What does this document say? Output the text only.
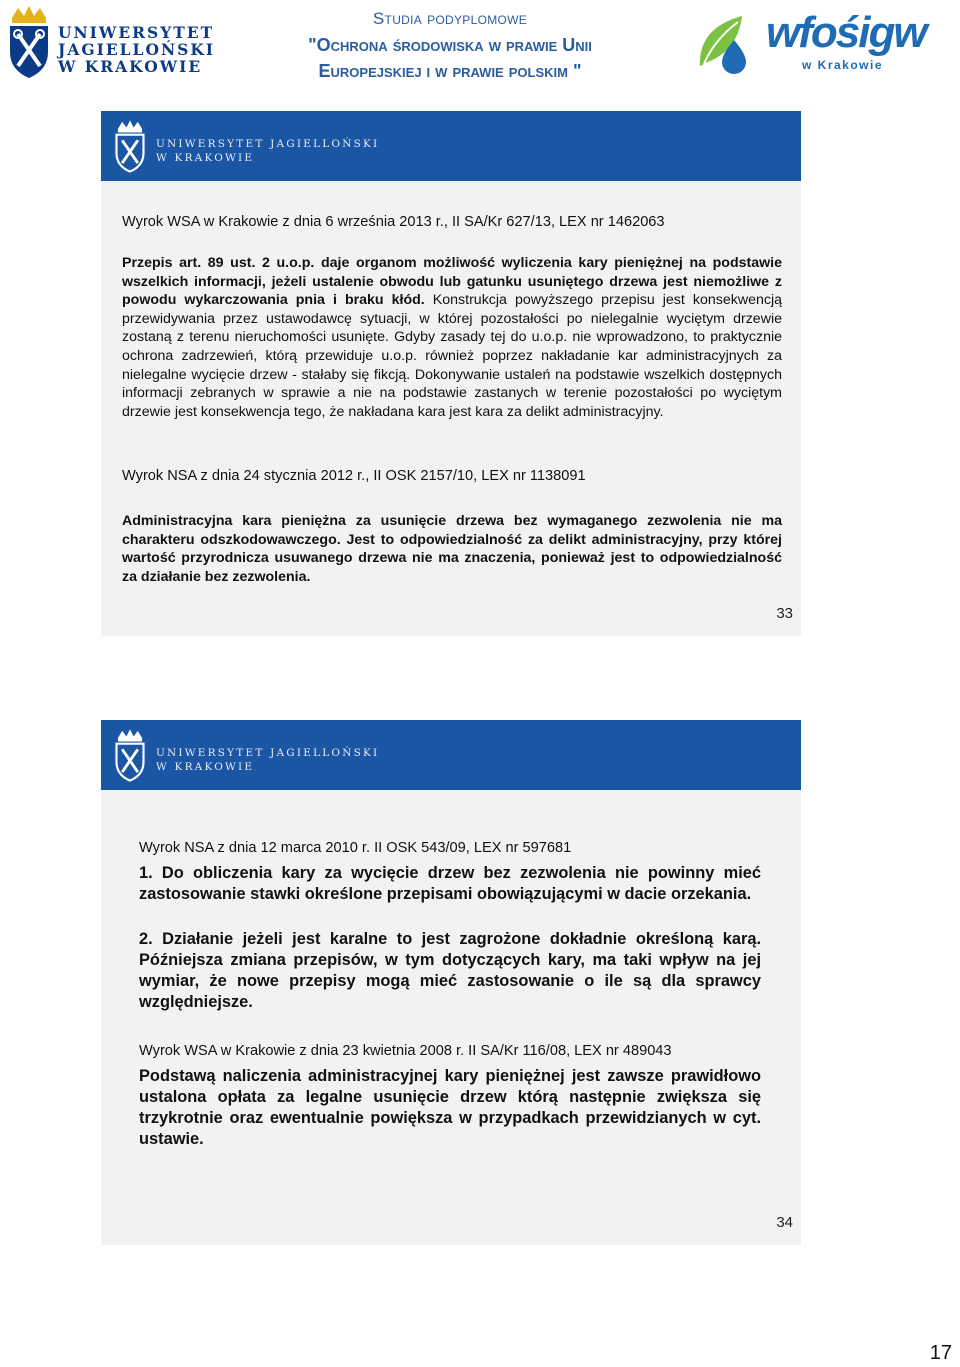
UNIWERSYTET
JAGIELLOŃSKI
W KRAKOWIE
Studia podyplomowe
"Ochrona środowiska w prawie Unii
Europejskiej i w prawie polskim "
wfośigw
w Krakowie
UNIWERSYTET JAGIELLOŃSKI
W KRAKOWIE
Wyrok WSA w Krakowie z dnia 6 września 2013 r., II SA/Kr 627/13, LEX nr 1462063
Przepis art. 89 ust. 2 u.o.p. daje organom możliwość wyliczenia kary pieniężnej na podstawie wszelkich informacji, jeżeli ustalenie obwodu lub gatunku usuniętego drzewa jest niemożliwe z powodu wykarczowania pnia i braku kłód. Konstrukcja powyższego przepisu jest konsekwencją przewidywania przez ustawodawcę sytuacji, w której pozostałości po nielegalnie wyciętym drzewie zostaną z terenu nieruchomości usunięte. Gdyby zasady tej do u.o.p. nie wprowadzono, to praktycznie ochrona zadrzewień, którą przewiduje u.o.p. również poprzez nakładanie kar administracyjnych za nielegalne wycięcie drzew - stałaby się fikcją. Dokonywanie ustaleń na podstawie wszelkich dostępnych informacji zebranych w sprawie a nie na podstawie zastanych w terenie pozostałości po wyciętym drzewie jest konsekwencja tego, że nakładana kara jest kara za delikt administracyjny.
Wyrok NSA z dnia 24 stycznia 2012 r., II OSK 2157/10, LEX nr 1138091
Administracyjna kara pieniężna za usunięcie drzewa bez wymaganego zezwolenia nie ma charakteru odszkodowawczego. Jest to odpowiedzialność za delikt administracyjny, przy której wartość przyrodnicza usuwanego drzewa nie ma znaczenia, ponieważ jest to odpowiedzialność za działanie bez zezwolenia.
33
UNIWERSYTET JAGIELLOŃSKI
W KRAKOWIE
Wyrok NSA z dnia 12 marca 2010 r. II OSK 543/09, LEX nr 597681
1. Do obliczenia kary za wycięcie drzew bez zezwolenia nie powinny mieć zastosowanie stawki określone przepisami obowiązującymi w dacie orzekania.
2. Działanie jeżeli jest karalne to jest zagrożone dokładnie określoną karą. Późniejsza zmiana przepisów, w tym dotyczących kary, ma taki wpływ na jej wymiar, że nowe przepisy mogą mieć zastosowanie o ile są dla sprawcy względniejsze.
Wyrok WSA w Krakowie z dnia 23 kwietnia 2008 r. II SA/Kr 116/08, LEX nr 489043
Podstawą naliczenia administracyjnej kary pieniężnej jest zawsze prawidłowo ustalona opłata za legalne usunięcie drzew którą następnie zwiększa się trzykrotnie oraz ewentualnie powiększa w przypadkach przewidzianych w cyt. ustawie.
34
17
